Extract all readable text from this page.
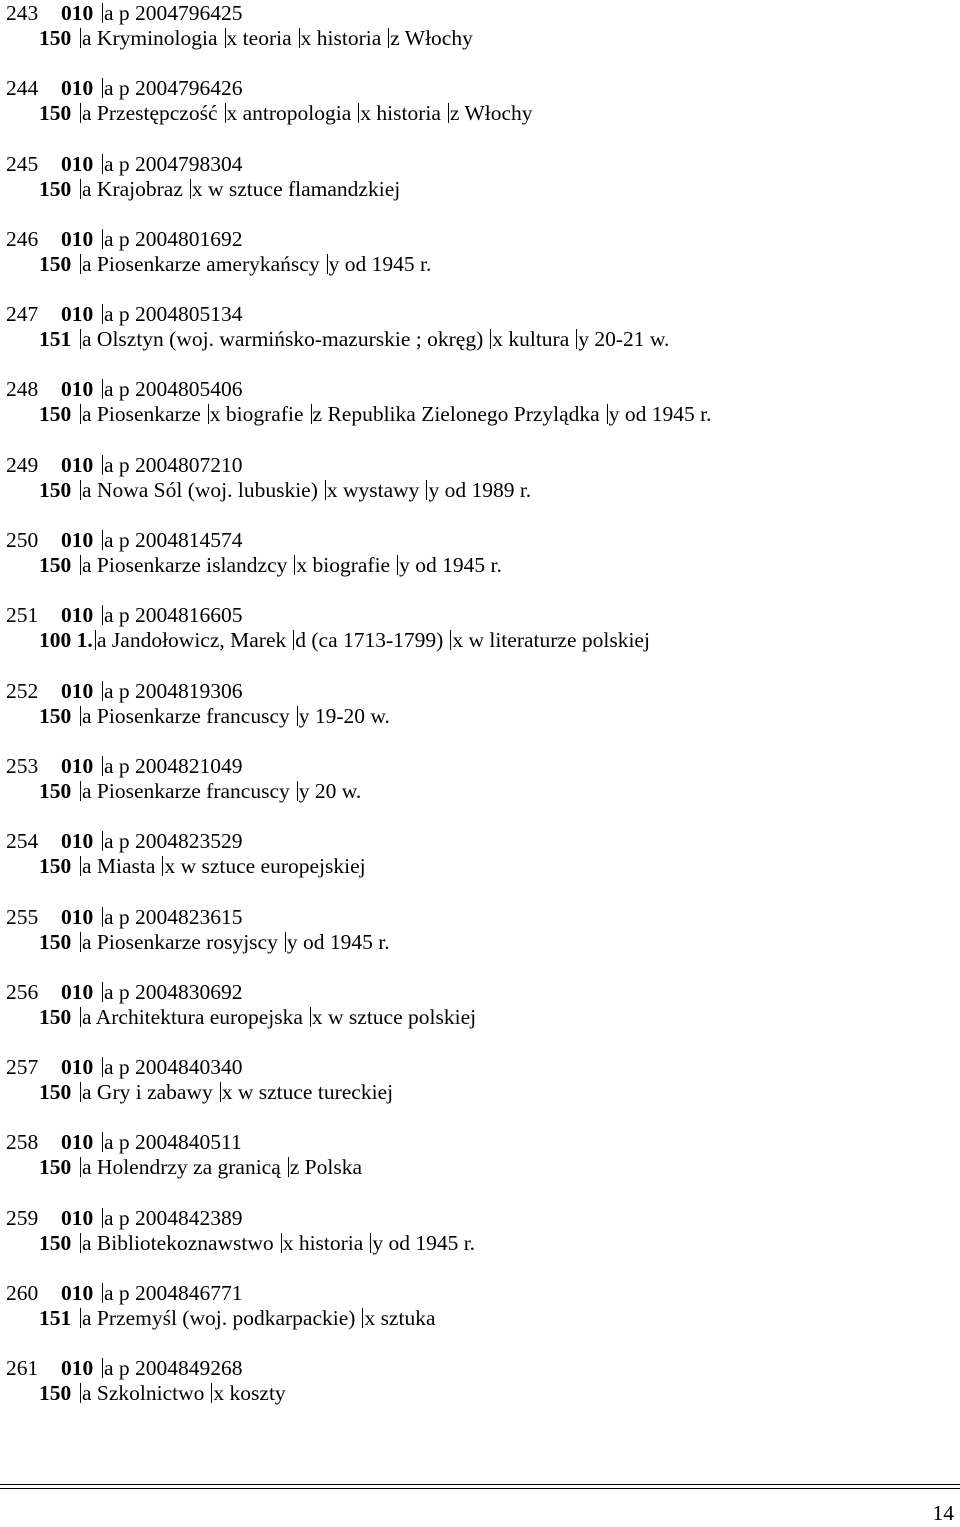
243 010 a p 2004796425
150 a Kryminologia x teoria x historia z Włochy
244 010 a p 2004796426
150 a Przestępczość x antropologia x historia z Włochy
245 010 a p 2004798304
150 a Krajobraz x w sztuce flamandzkiej
246 010 a p 2004801692
150 a Piosenkarze amerykańscy y od 1945 r.
247 010 a p 2004805134
151 a Olsztyn (woj. warmińsko-mazurskie ; okręg) x kultura y 20-21 w.
248 010 a p 2004805406
150 a Piosenkarze x biografie z Republika Zielonego Przylądka y od 1945 r.
249 010 a p 2004807210
150 a Nowa Sól (woj. lubuskie) x wystawy y od 1989 r.
250 010 a p 2004814574
150 a Piosenkarze islandzcy x biografie y od 1945 r.
251 010 a p 2004816605
100 1. a Jandołowicz, Marek d (ca 1713-1799) x w literaturze polskiej
252 010 a p 2004819306
150 a Piosenkarze francuscy y 19-20 w.
253 010 a p 2004821049
150 a Piosenkarze francuscy y 20 w.
254 010 a p 2004823529
150 a Miasta x w sztuce europejskiej
255 010 a p 2004823615
150 a Piosenkarze rosyjscy y od 1945 r.
256 010 a p 2004830692
150 a Architektura europejska x w sztuce polskiej
257 010 a p 2004840340
150 a Gry i zabawy x w sztuce tureckiej
258 010 a p 2004840511
150 a Holendrzy za granicą z Polska
259 010 a p 2004842389
150 a Bibliotekoznawstwo x historia y od 1945 r.
260 010 a p 2004846771
151 a Przemyśl (woj. podkarpackie) x sztuka
261 010 a p 2004849268
150 a Szkolnictwo x koszty
14
